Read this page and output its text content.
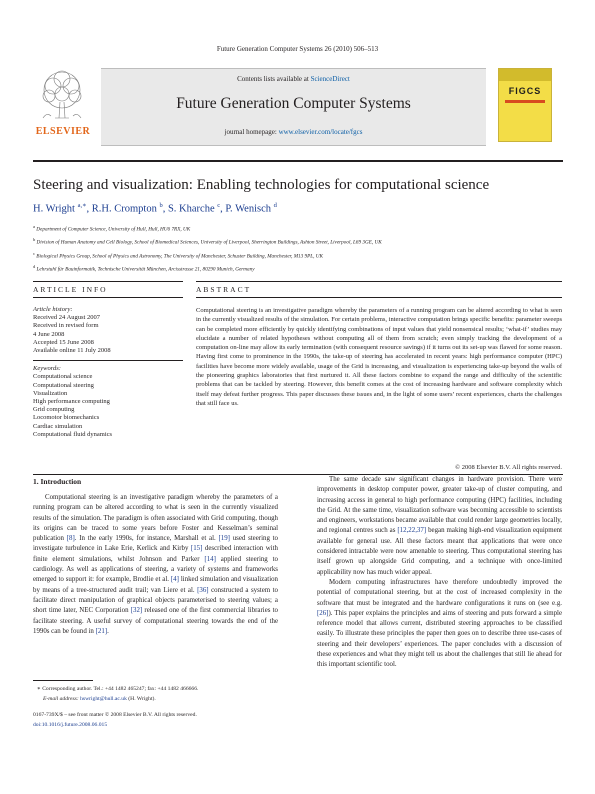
Future Generation Computer Systems 26 (2010) 506–513
ELSEVIER
Contents lists available at ScienceDirect
Future Generation Computer Systems
journal homepage: www.elsevier.com/locate/fgcs
FIGCS
Steering and visualization: Enabling technologies for computational science
H. Wright $^{a,∗}$, R.H. Crompton $^b$, S. Kharche $^c$, P. Wenisch $^d$
$^a$ Department of Computer Science, University of Hull, Hull, HU6 7RX, UK
$^b$ Division of Human Anatomy and Cell Biology, School of Biomedical Sciences, University of Liverpool, Sherrington Buildings, Ashton Street, Liverpool, L69 3GE, UK
$^c$ Biological Physics Group, School of Physics and Astronomy, The University of Manchester, Schuster Building, Manchester, M13 9PL, UK
$^d$ Lehrstuhl für Bauinformatik, Technische Universität München, Arcisstrasse 21, 80290 Munich, Germany
ARTICLE INFO	ABSTRACT
Article history:
Received 24 August 2007
Received in revised form
4 June 2008
Accepted 15 June 2008
Available online 11 July 2008
Keywords:
Computational science
Computational steering
Visualization
High performance computing
Grid computing
Locomotor biomechanics
Cardiac simulation
Computational fluid dynamics
Computational steering is an investigative paradigm whereby the parameters of a running program can be altered according to what is seen in the currently visualized results of the simulation. For certain problems, interactive computation brings specific benefits: parameter sweeps can be completed more efficiently by quickly identifying combinations of input values that yield nonsensical results; ‘what-if’ studies may elucidate a number of related hypotheses without computing all of them from scratch; even simply tracking the development of a computation on-line may allow its early termination (with consequent resource savings) if it turns out its set-up was flawed for some reason. Having first come to prominence in the 1990s, the take-up of steering has accelerated in recent years: high performance computer (HPC) facilities have become more widely available, usage of the Grid is increasing, and visualization is experiencing take-up beyond the walls of the pioneering graphics laboratories that first nurtured it. All these factors combine to expand the range and difficulty of the scientific problems that can be tackled by steering. However, this benefit comes at the cost of increasing hardware and software complexity which itself may defeat further progress. This paper discusses these issues and, in the light of some users’ recent experiences, charts the challenges that still face us.
© 2008 Elsevier B.V. All rights reserved.
1. Introduction

Computational steering is an investigative paradigm whereby the parameters of a running program can be altered according to what is seen in the currently visualized results of the simulation. The paradigm is often associated with Grid computing, though its origins can be traced to some years before Foster and Kesselman’s seminal publication [8]. In the early 1990s, for instance, Marshall et al. [19] used steering to investigate turbulence in Lake Erie, Kerlick and Kirby [15] described interaction with finite element simulations, whilst Johnson and Parker [14] applied steering to cardiology. As well as applications of steering, a variety of systems and frameworks emerged to support it: for example, Brodlie et al. [4] linked simulation and visualization by means of a tree-structured audit trail; van Liere et al. [36] constructed a system to facilitate direct manipulation of graphical objects parameterised to steering values; a short time later, NEC Corporation [32] released one of the first commercial libraries to facilitate steering. A useful survey of computational steering towards the end of the 1990s can be found in [21].

The same decade saw significant changes in hardware provision. There were improvements in desktop computer power, greater take-up of cluster computing, and increasing access in general to high performance computing (HPC) facilities, including the Grid. At the same time, visualization software was becoming accessible to scientists and engineers, workstations became available that could render large geometries locally, and regional centres such as [12,22,37] began making high-end visualization equipment available for general use. All these factors meant that applications that were once considered intractable were now amenable to steering. Thus computational steering has itself grown up alongside Grid computing, and a technique with once-limited applicability now has much wider appeal.

Modern computing infrastructures have therefore undoubtedly improved the potential of computational steering, but at the cost of increased complexity in the software that must be integrated and the hardware configurations it runs on (see e.g. [26]). This paper explains the principles and aims of steering and puts forward a simple reference model that allows current, distributed steering approaches to be classified easily. To illustrate these principles the paper then goes on to describe three use-cases of steering and their developers’ experiences. The paper concludes with a discussion of these experiences and what they might tell us about the challenges that still lie ahead for this important scientific tool.

∗ Corresponding author. Tel.: +44 1482 465247; fax: +44 1482 466666.
E-mail address: hswright@hull.ac.uk (H. Wright).
0167-739X/$ – see front matter © 2008 Elsevier B.V. All rights reserved.
doi:10.1016/j.future.2008.06.015
